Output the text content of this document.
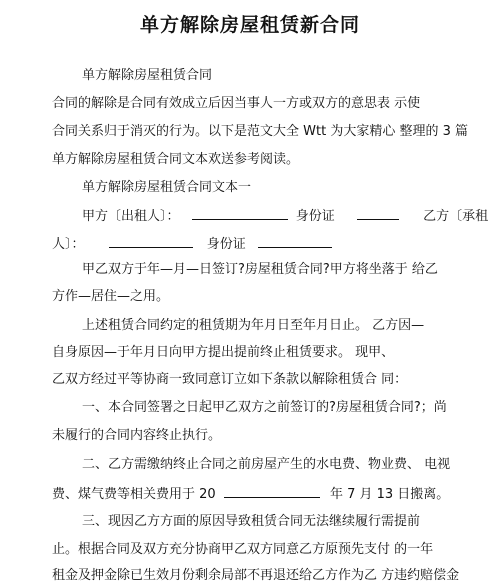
单方解除房屋租赁新合同
单方解除房屋租赁合同
合同的解除是合同有效成立后因当事人一方或双方的意思表 示使
合同关系归于消灭的行为。以下是范文大全 Wtt 为大家精心 整理的 3 篇
单方解除房屋租赁合同文本欢送参考阅读。
单方解除房屋租赁合同文本一
甲方〔出租人〕：	身份证	乙方〔承租
人〕：	身份证
甲乙双方于年—月—日签订?房屋租赁合同?甲方将坐落于 给乙
方作—居住—之用。
上述租赁合同约定的租赁期为年月日至年月日止。 乙方因—
自身原因—于年月日向甲方提出提前终止租赁要求。 现甲、
乙双方经过平等协商一致同意订立如下条款以解除租赁合 同：
一、本合同签署之日起甲乙双方之前签订的?房屋租赁合同?；尚
未履行的合同内容终止执行。
二、乙方需缴纳终止合同之前房屋产生的水电费、物业费、 电视
费、煤气费等相关费用于 20	年 7 月 13 日搬离。
三、现因乙方方面的原因导致租赁合同无法继续履行需提前
止。根据合同及双方充分协商甲乙双方同意乙方原预先支付 的一年
租金及押金除已生效月份剩余局部不再退还给乙方作为乙 方违约赔偿金
